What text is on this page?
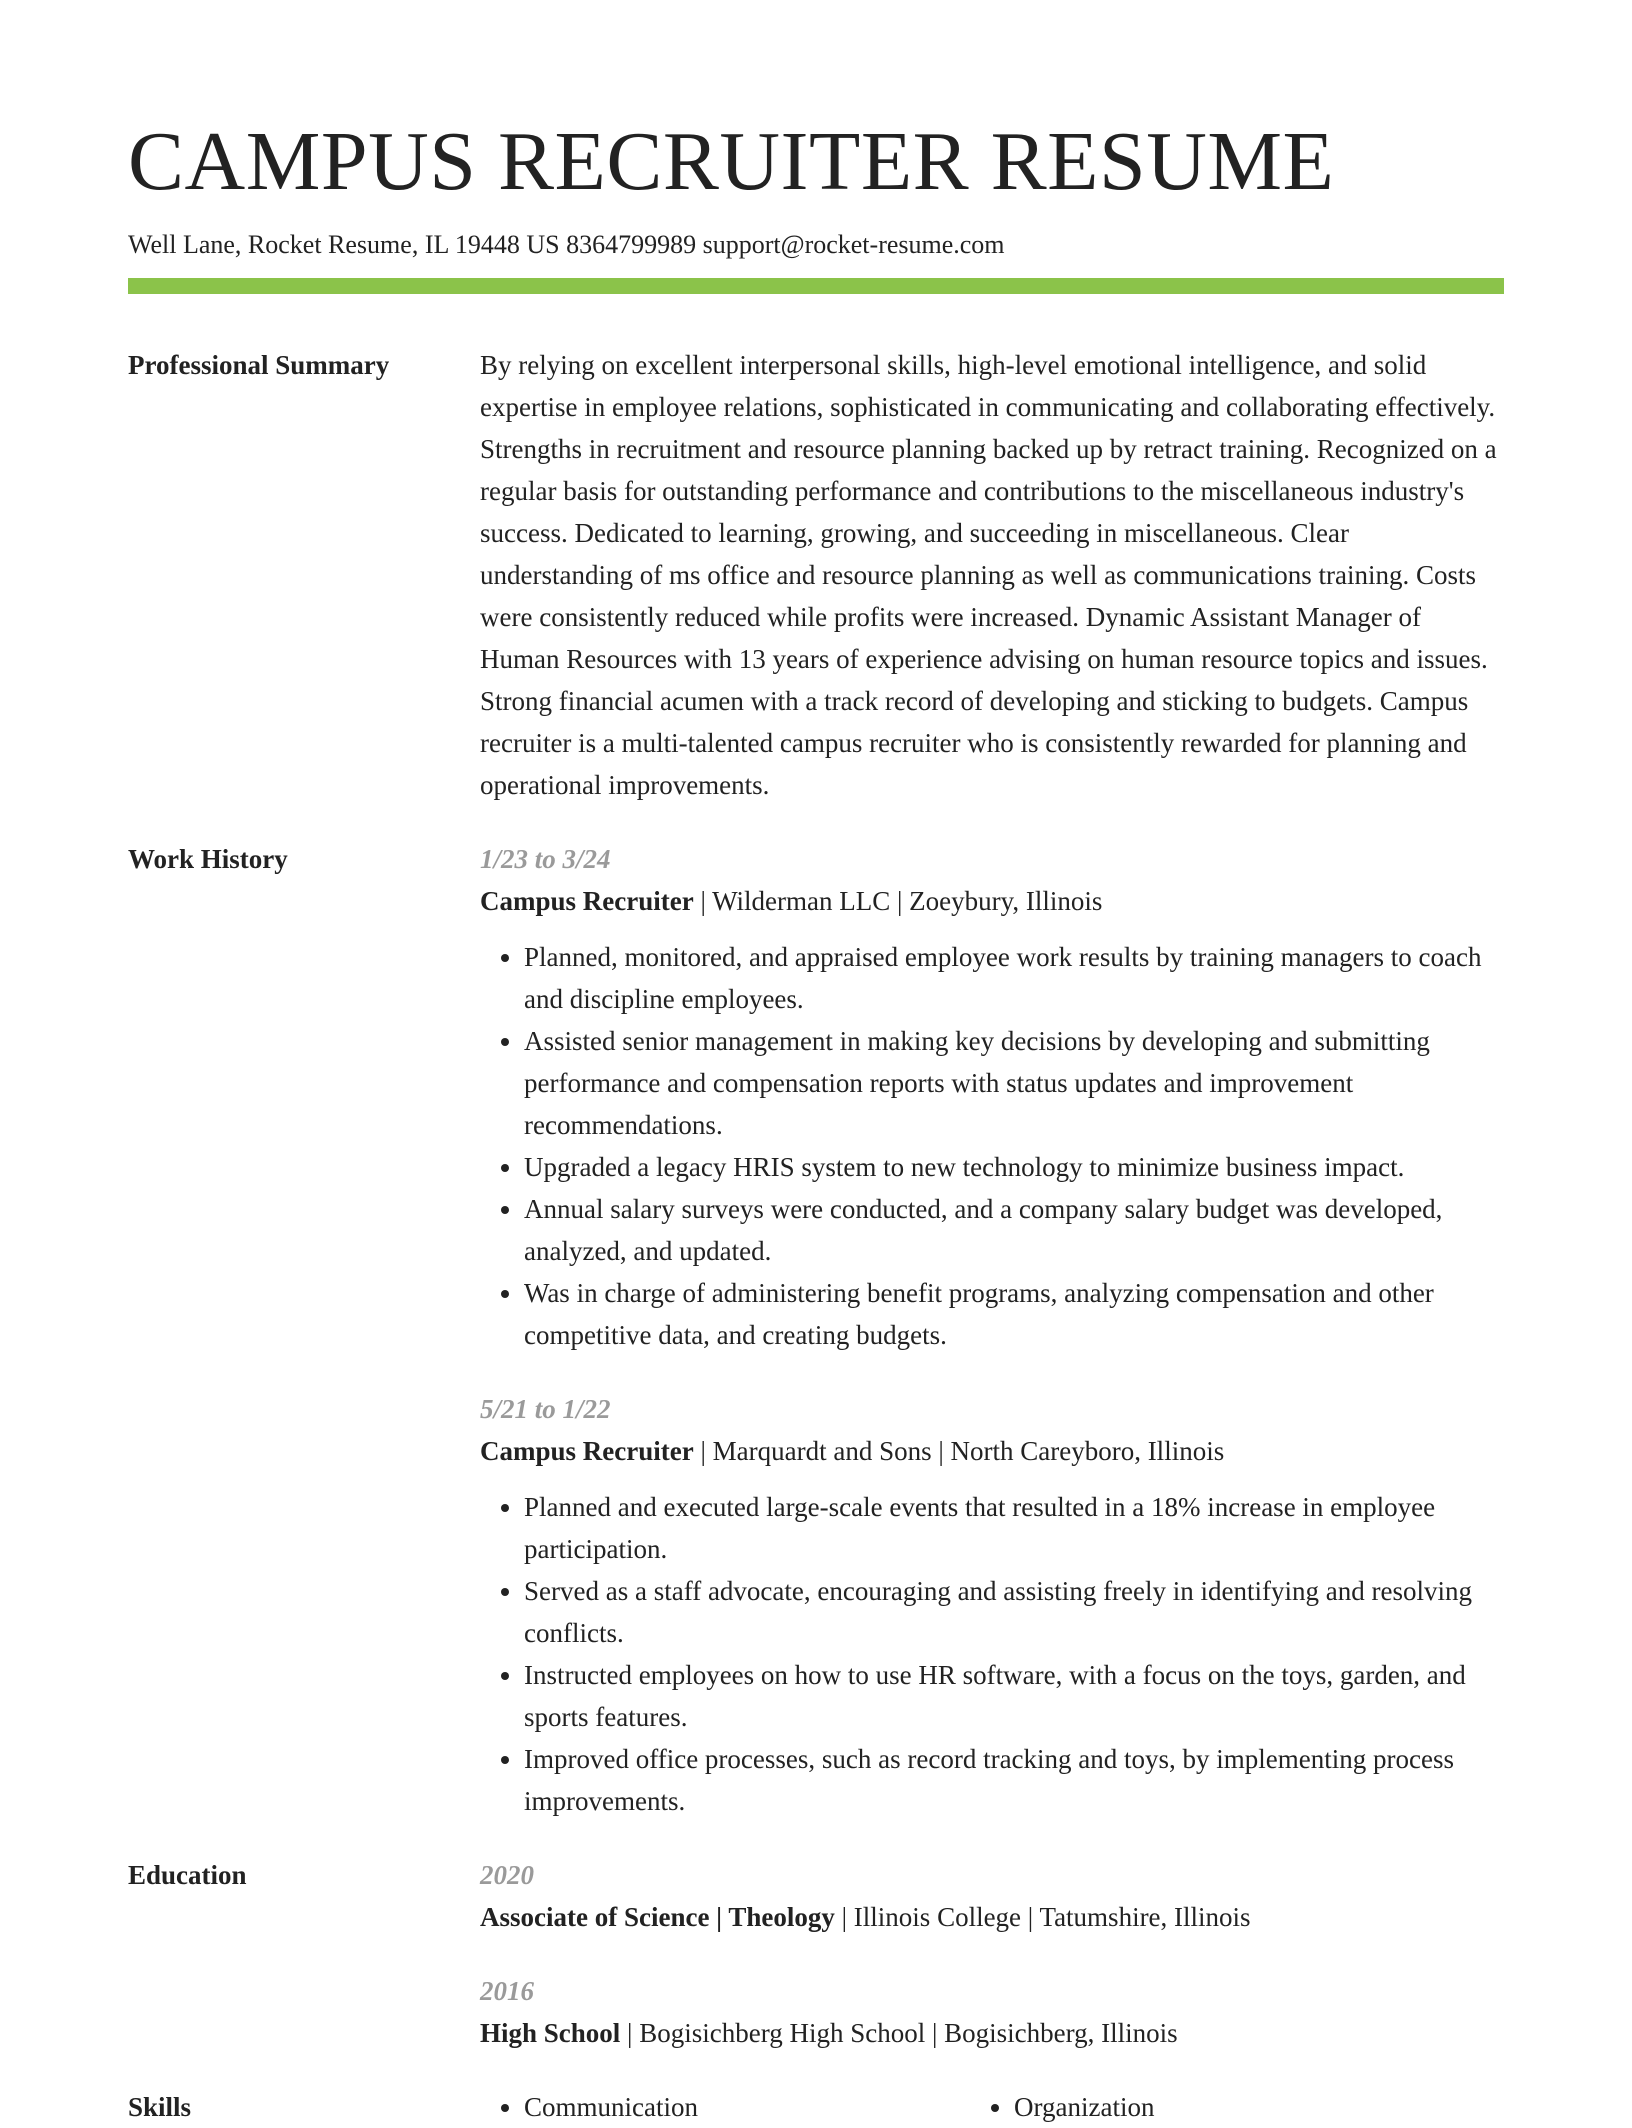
CAMPUS RECRUITER RESUME
Well Lane, Rocket Resume, IL 19448 US 8364799989 support@rocket-resume.com
Professional Summary	By relying on excellent interpersonal skills, high-level emotional intelligence, and solid expertise in employee relations, sophisticated in communicating and collaborating effectively. Strengths in recruitment and resource planning backed up by retract training. Recognized on a regular basis for outstanding performance and contributions to the miscellaneous industry's success. Dedicated to learning, growing, and succeeding in miscellaneous. Clear understanding of ms office and resource planning as well as communications training. Costs were consistently reduced while profits were increased. Dynamic Assistant Manager of Human Resources with 13 years of experience advising on human resource topics and issues. Strong financial acumen with a track record of developing and sticking to budgets. Campus recruiter is a multi-talented campus recruiter who is consistently rewarded for planning and operational improvements.

Work History	1/23 to 3/24
Campus Recruiter | Wilderman LLC | Zoeybury, Illinois
• Planned, monitored, and appraised employee work results by training managers to coach and discipline employees.
• Assisted senior management in making key decisions by developing and submitting performance and compensation reports with status updates and improvement recommendations.
• Upgraded a legacy HRIS system to new technology to minimize business impact.
• Annual salary surveys were conducted, and a company salary budget was developed, analyzed, and updated.
• Was in charge of administering benefit programs, analyzing compensation and other competitive data, and creating budgets.
5/21 to 1/22
Campus Recruiter | Marquardt and Sons | North Careyboro, Illinois
• Planned and executed large-scale events that resulted in a 18% increase in employee participation.
• Served as a staff advocate, encouraging and assisting freely in identifying and resolving conflicts.
• Instructed employees on how to use HR software, with a focus on the toys, garden, and sports features.
• Improved office processes, such as record tracking and toys, by implementing process improvements.
Education	2020
Associate of Science | Theology | Illinois College | Tatumshire, Illinois
2016
High School | Bogisichberg High School | Bogisichberg, Illinois
Skills	• Communication	• Organization
